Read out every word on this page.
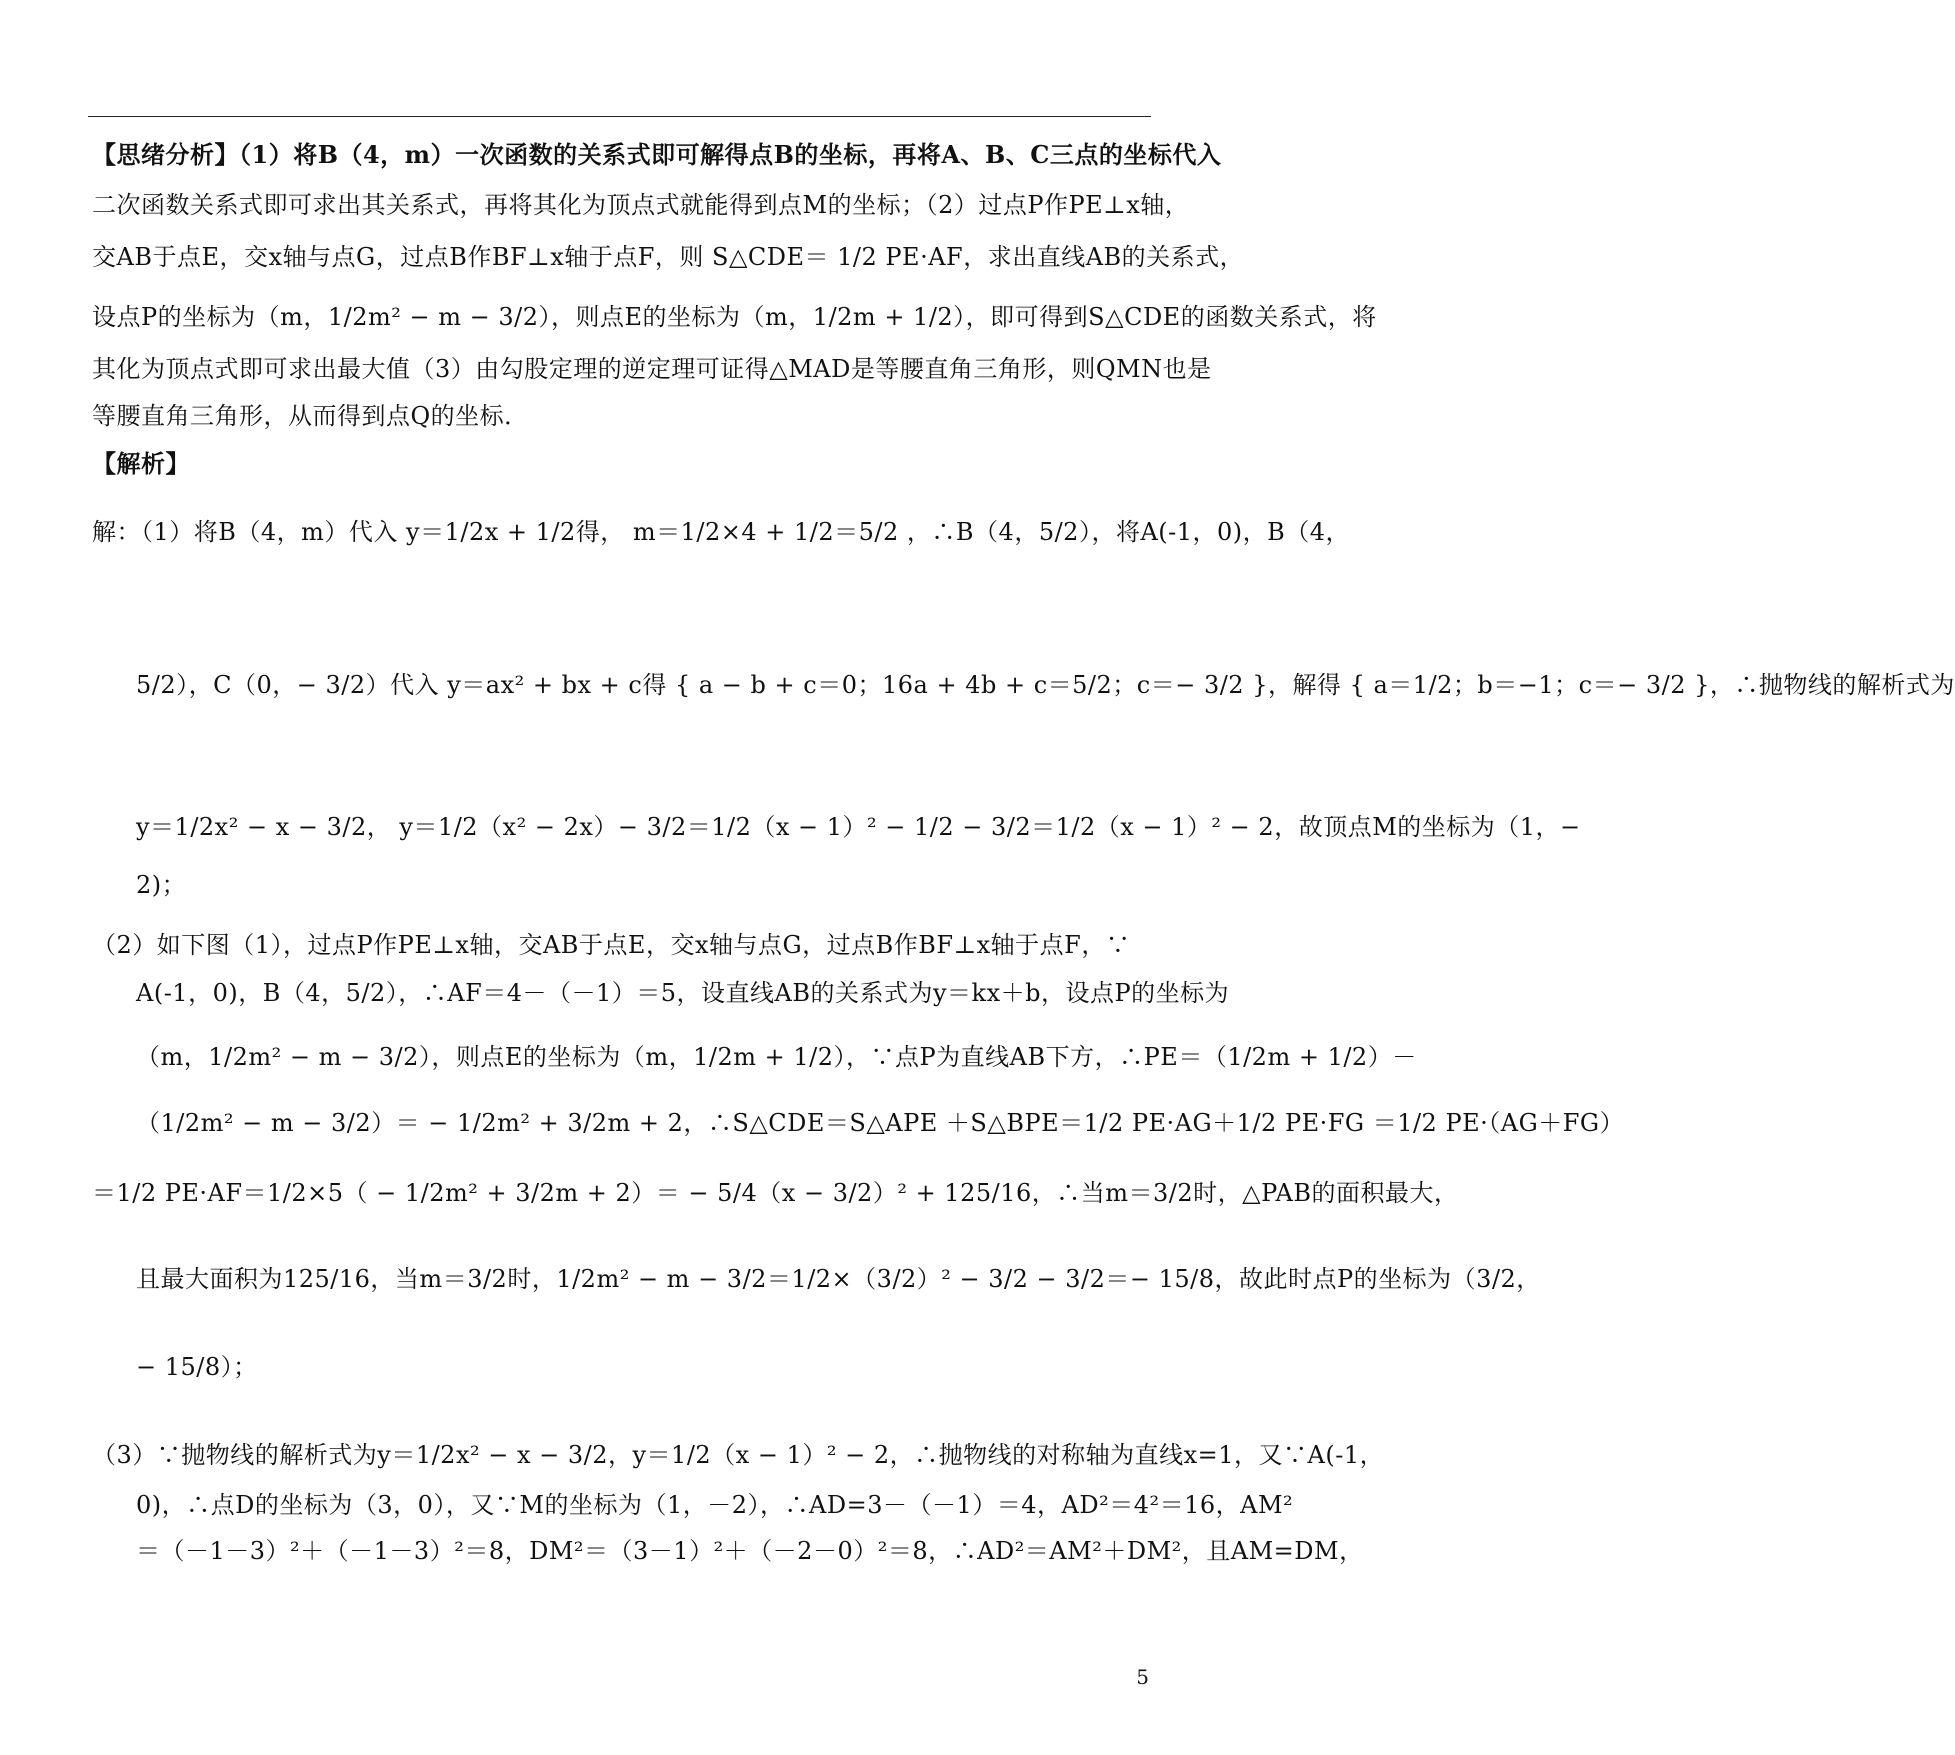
【思绪分析】（1）将B（4，m）一次函数的关系式即可解得点B的坐标，再将A、B、C三点的坐标代入
二次函数关系式即可求出其关系式，再将其化为顶点式就能得到点M的坐标；（2）过点P作PE⊥x轴，
交AB于点E，交x轴与点G，过点B作BF⊥x轴于点F，则 S△CDE＝ 1/2 PE·AF，求出直线AB的关系式，
设点P的坐标为（m，1/2m² − m − 3/2），则点E的坐标为（m，1/2m + 1/2），即可得到S△CDE的函数关系式，将
其化为顶点式即可求出最大值（3）由勾股定理的逆定理可证得△MAD是等腰直角三角形，则QMN也是
等腰直角三角形，从而得到点Q的坐标．
【解析】
解：（1）将B（4，m）代入 y＝1/2x + 1/2得， m＝1/2×4 + 1/2＝5/2 ，∴B（4，5/2），将A(-1，0)，B（4，
5/2），C（0，− 3/2）代入 y＝ax² + bx + c得 { a − b + c＝0；16a + 4b + c＝5/2；c＝− 3/2 }，解得 { a＝1/2；b＝−1；c＝− 3/2 }，∴抛物线的解析式为
y＝1/2x² − x − 3/2， y＝1/2（x² − 2x）− 3/2＝1/2（x − 1）² − 1/2 − 3/2＝1/2（x − 1）² − 2，故顶点M的坐标为（1，−
2)；
（2）如下图（1），过点P作PE⊥x轴，交AB于点E，交x轴与点G，过点B作BF⊥x轴于点F，∵
A(-1，0)，B（4，5/2），∴AF＝4－（－1）＝5，设直线AB的关系式为y＝kx＋b，设点P的坐标为
（m，1/2m² − m − 3/2），则点E的坐标为（m，1/2m + 1/2），∵点P为直线AB下方，∴PE＝（1/2m + 1/2）－
（1/2m² − m − 3/2）＝ − 1/2m² + 3/2m + 2，∴S△CDE＝S△APE ＋S△BPE＝1/2 PE·AG＋1/2 PE·FG ＝1/2 PE·（AG＋FG）
＝1/2 PE·AF＝1/2×5（ − 1/2m² + 3/2m + 2）＝ − 5/4（x − 3/2）² + 125/16，∴当m＝3/2时，△PAB的面积最大，
且最大面积为125/16，当m＝3/2时，1/2m² − m − 3/2＝1/2×（3/2）² − 3/2 − 3/2＝− 15/8，故此时点P的坐标为（3/2，
− 15/8）；
（3）∵抛物线的解析式为y＝1/2x² − x − 3/2，y＝1/2（x − 1）² − 2，∴抛物线的对称轴为直线x=1，又∵A(-1，
0)，∴点D的坐标为（3，0），又∵M的坐标为（1，－2），∴AD=3－（－1）＝4，AD²＝4²＝16，AM²
＝（－1－3）²＋（－1－3）²＝8，DM²＝（3－1）²＋（－2－0）²＝8，∴AD²＝AM²＋DM²，且AM=DM，
5
